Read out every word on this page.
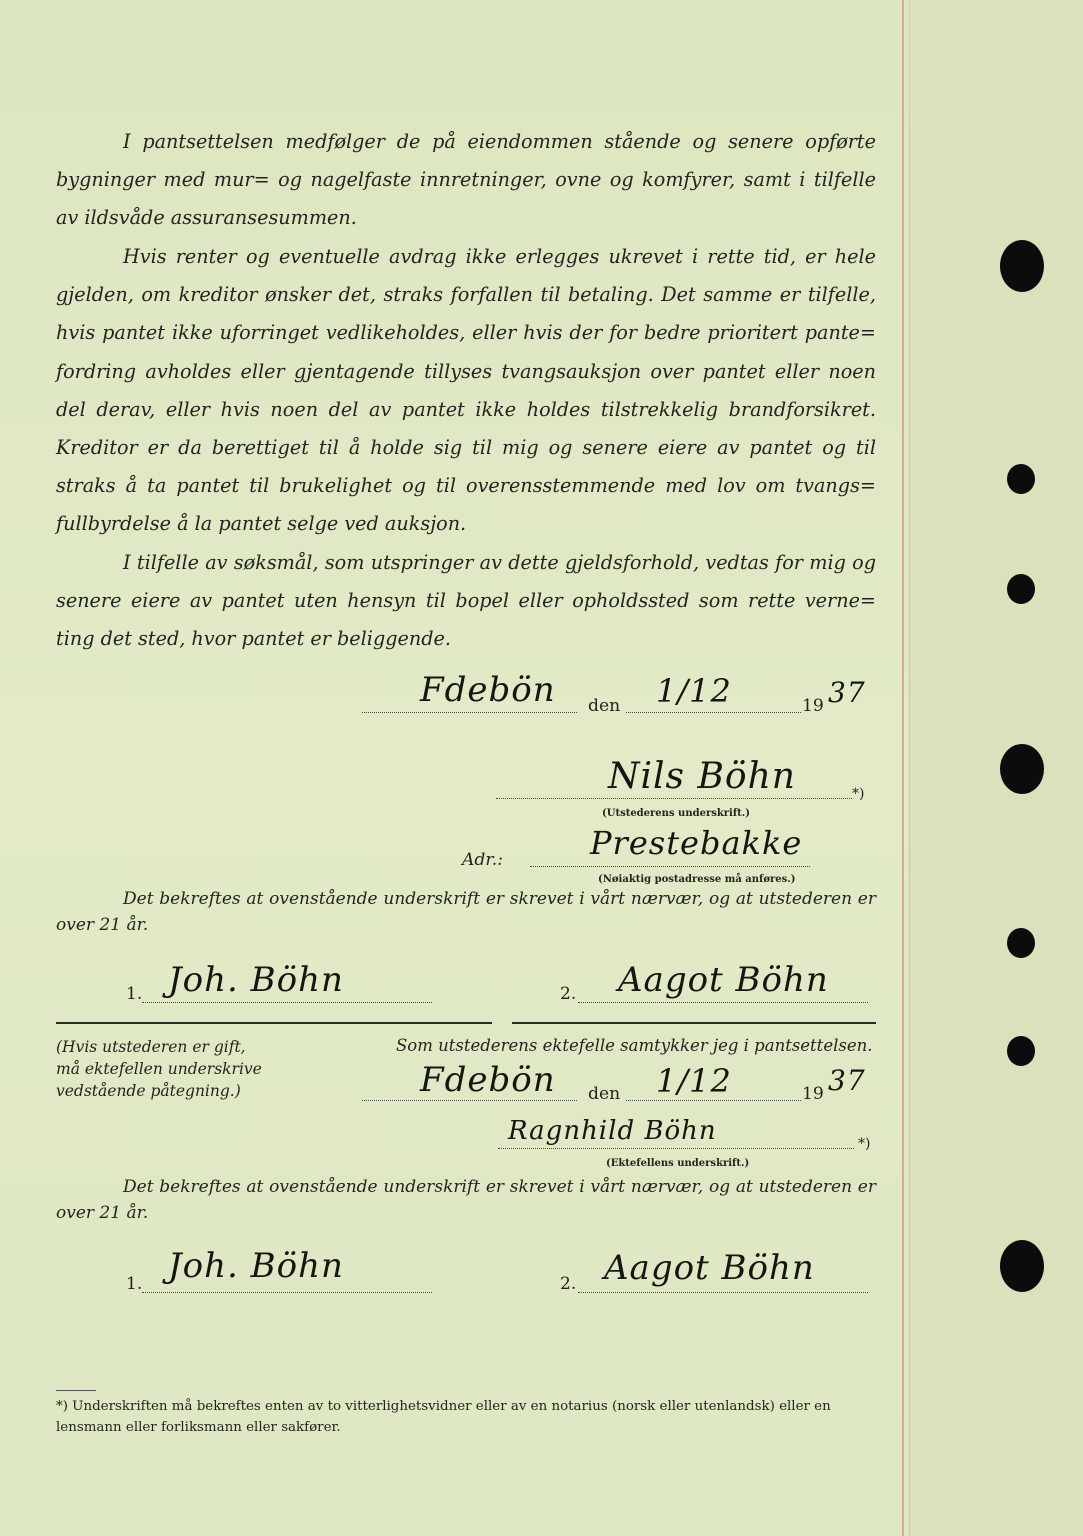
I pantsettelsen medfølger de på eiendommen stående og senere opførte bygninger med mur= og nagelfaste innretninger, ovne og komfyrer, samt i tilfelle av ildsvåde assuransesummen.

Hvis renter og eventuelle avdrag ikke erlegges ukrevet i rette tid, er hele gjelden, om kreditor ønsker det, straks forfallen til betaling. Det samme er tilfelle, hvis pantet ikke uforringet vedlikeholdes, eller hvis der for bedre prioritert pante= fordring avholdes eller gjentagende tillyses tvangsauksjon over pantet eller noen del derav, eller hvis noen del av pantet ikke holdes tilstrekkelig brandforsikret. Kreditor er da berettiget til å holde sig til mig og senere eiere av pantet og til straks å ta pantet til brukelighet og til overensstemmende med lov om tvangs= fullbyrdelse å la pantet selge ved auksjon.

I tilfelle av søksmål, som utspringer av dette gjeldsforhold, vedtas for mig og senere eiere av pantet uten hensyn til bopel eller opholdssted som rette verne= ting det sted, hvor pantet er beliggende.

Fdebön den 1/12	19 37
Nils Böhn	*)
(Utstederens underskrift.)
Adr.:	Prestebakke
(Nøiaktig postadresse må anføres.)

Det bekreftes at ovenstående underskrift er skrevet i vårt nærvær, og at utstederen er over 21 år.

1. Joh. Böhn	2. Aagot Böhn

(Hvis utstederen er gift, må ektefellen underskrive vedstående påtegning.)

Som utstederens ektefelle samtykker jeg i pantsettelsen.
Fdebön den 1/12	19 37
Ragnhild Böhn	*)
(Ektefellens underskrift.)

Det bekreftes at ovenstående underskrift er skrevet i vårt nærvær, og at utstederen er over 21 år.

1. Joh. Böhn	2. Aagot Böhn

*) Underskriften må bekreftes enten av to vitterlighetsvidner eller av en notarius (norsk eller utenlandsk) eller en lensmann eller forliksmann eller sakfører.
